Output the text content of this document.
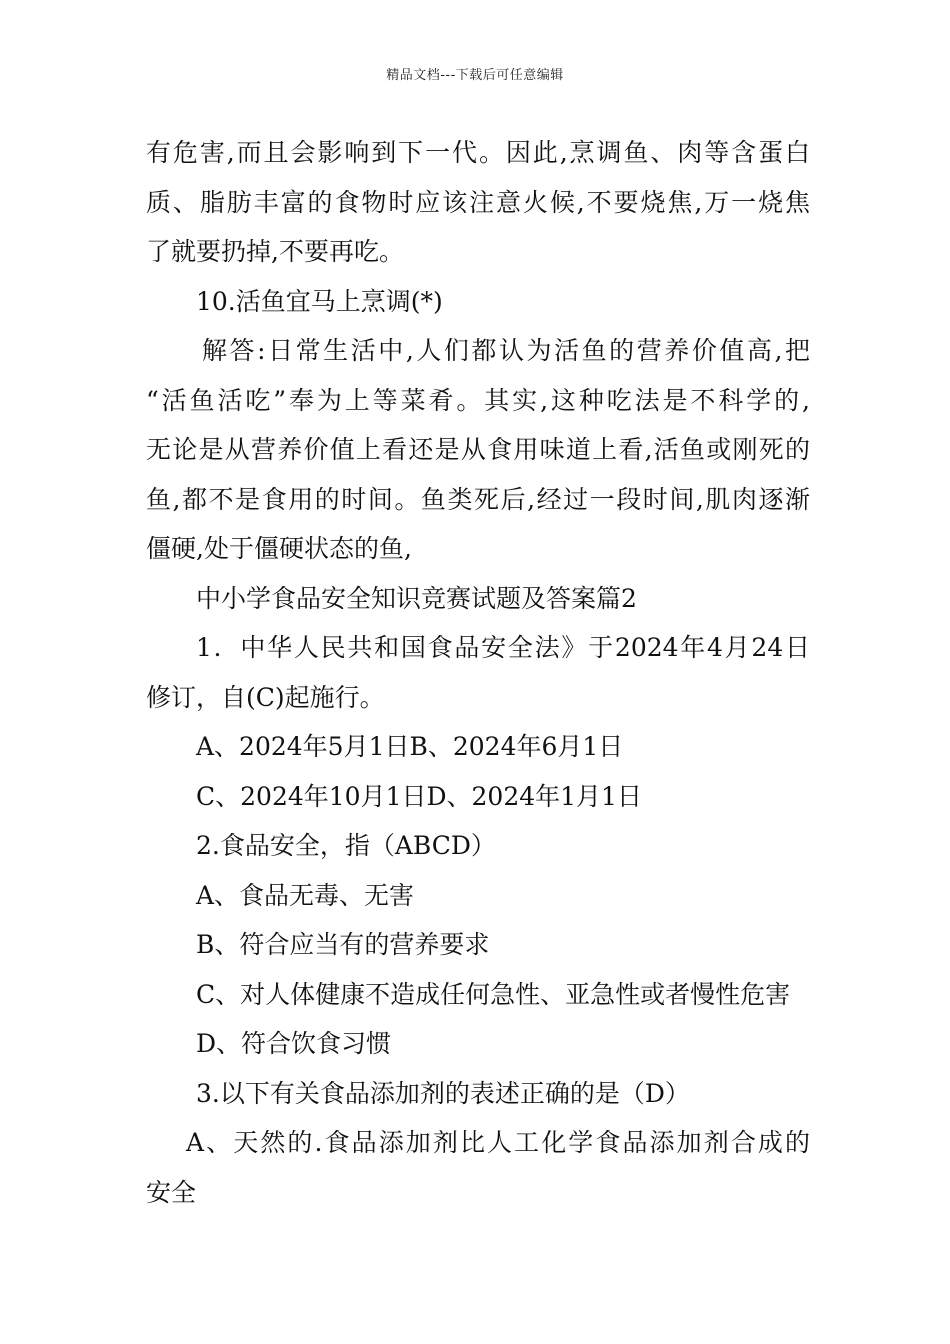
精品文档---下载后可任意编辑
有危害,而且会影响到下一代。因此,烹调鱼、肉等含蛋白
质、脂肪丰富的食物时应该注意火候,不要烧焦,万一烧焦
了就要扔掉,不要再吃。
10.活鱼宜马上烹调(*)
解答:日常生活中,人们都认为活鱼的营养价值高,把
“活鱼活吃”奉为上等菜肴。其实,这种吃法是不科学的,
无论是从营养价值上看还是从食用味道上看,活鱼或刚死的
鱼,都不是食用的时间。鱼类死后,经过一段时间,肌肉逐渐
僵硬,处于僵硬状态的鱼,
中小学食品安全知识竞赛试题及答案篇2
1．中华人民共和国食品安全法》于2024年4月24日
修订，自(C)起施行。
A、2024年5月1日B、2024年6月1日
C、2024年10月1日D、2024年1月1日
2.食品安全，指（ABCD）
A、食品无毒、无害
B、符合应当有的营养要求
C、对人体健康不造成任何急性、亚急性或者慢性危害
D、符合饮食习惯
3.以下有关食品添加剂的表述正确的是（D）
A、天然的.食品添加剂比人工化学食品添加剂合成的
安全
